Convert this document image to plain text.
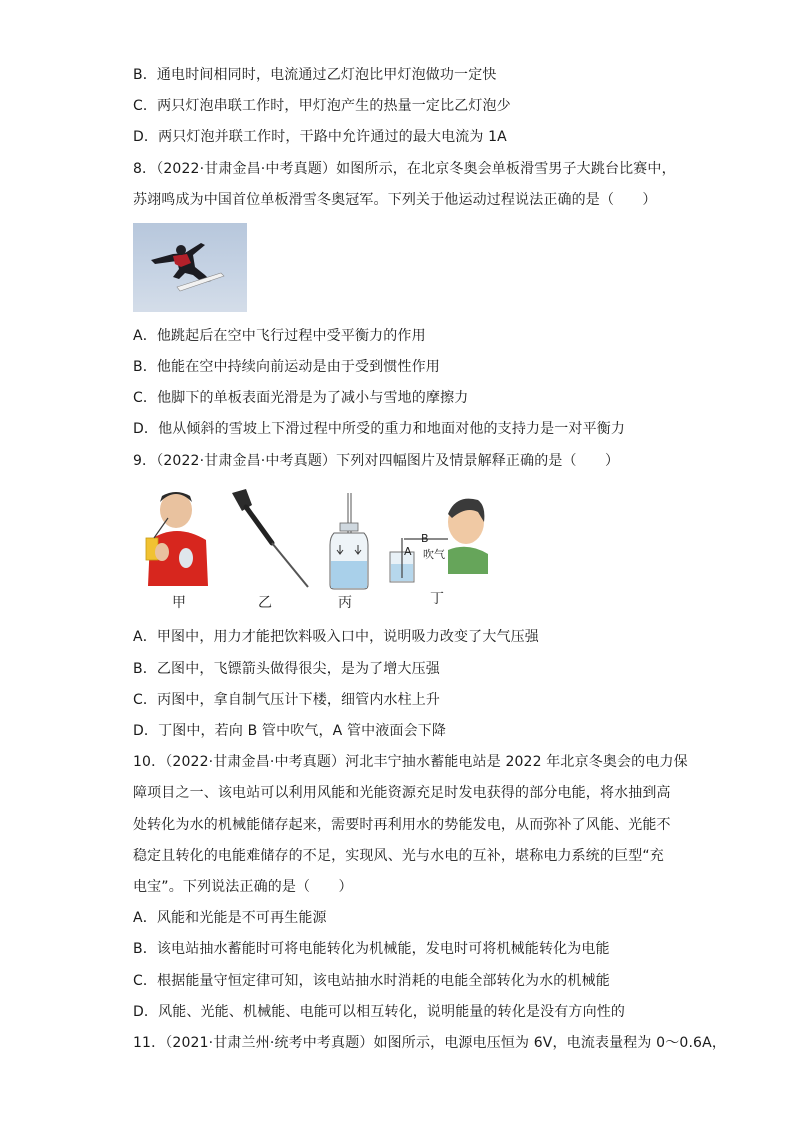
B．通电时间相同时，电流通过乙灯泡比甲灯泡做功一定快
C．两只灯泡串联工作时，甲灯泡产生的热量一定比乙灯泡少
D．两只灯泡并联工作时，干路中允许通过的最大电流为 1A
8．（2022·甘肃金昌·中考真题）如图所示，在北京冬奥会单板滑雪男子大跳台比赛中，
苏翊鸣成为中国首位单板滑雪冬奥冠军。下列关于他运动过程说法正确的是（　　）
A．他跳起后在空中飞行过程中受平衡力的作用
B．他能在空中持续向前运动是由于受到惯性作用
C．他脚下的单板表面光滑是为了减小与雪地的摩擦力
D．他从倾斜的雪坡上下滑过程中所受的重力和地面对他的支持力是一对平衡力
9．（2022·甘肃金昌·中考真题）下列对四幅图片及情景解释正确的是（　　）
B
A 吹气
甲	乙	丙	丁
A．甲图中，用力才能把饮料吸入口中，说明吸力改变了大气压强
B．乙图中，飞镖箭头做得很尖，是为了增大压强
C．丙图中，拿自制气压计下楼，细管内水柱上升
D．丁图中，若向 B 管中吹气，A 管中液面会下降
10．（2022·甘肃金昌·中考真题）河北丰宁抽水蓄能电站是 2022 年北京冬奥会的电力保
障项目之一、该电站可以利用风能和光能资源充足时发电获得的部分电能，将水抽到高
处转化为水的机械能储存起来，需要时再利用水的势能发电，从而弥补了风能、光能不
稳定且转化的电能难储存的不足，实现风、光与水电的互补，堪称电力系统的巨型“充
电宝”。下列说法正确的是（　　）
A．风能和光能是不可再生能源
B．该电站抽水蓄能时可将电能转化为机械能，发电时可将机械能转化为电能
C．根据能量守恒定律可知，该电站抽水时消耗的电能全部转化为水的机械能
D．风能、光能、机械能、电能可以相互转化，说明能量的转化是没有方向性的
11．（2021·甘肃兰州·统考中考真题）如图所示，电源电压恒为 6V，电流表量程为 0～0.6A，
